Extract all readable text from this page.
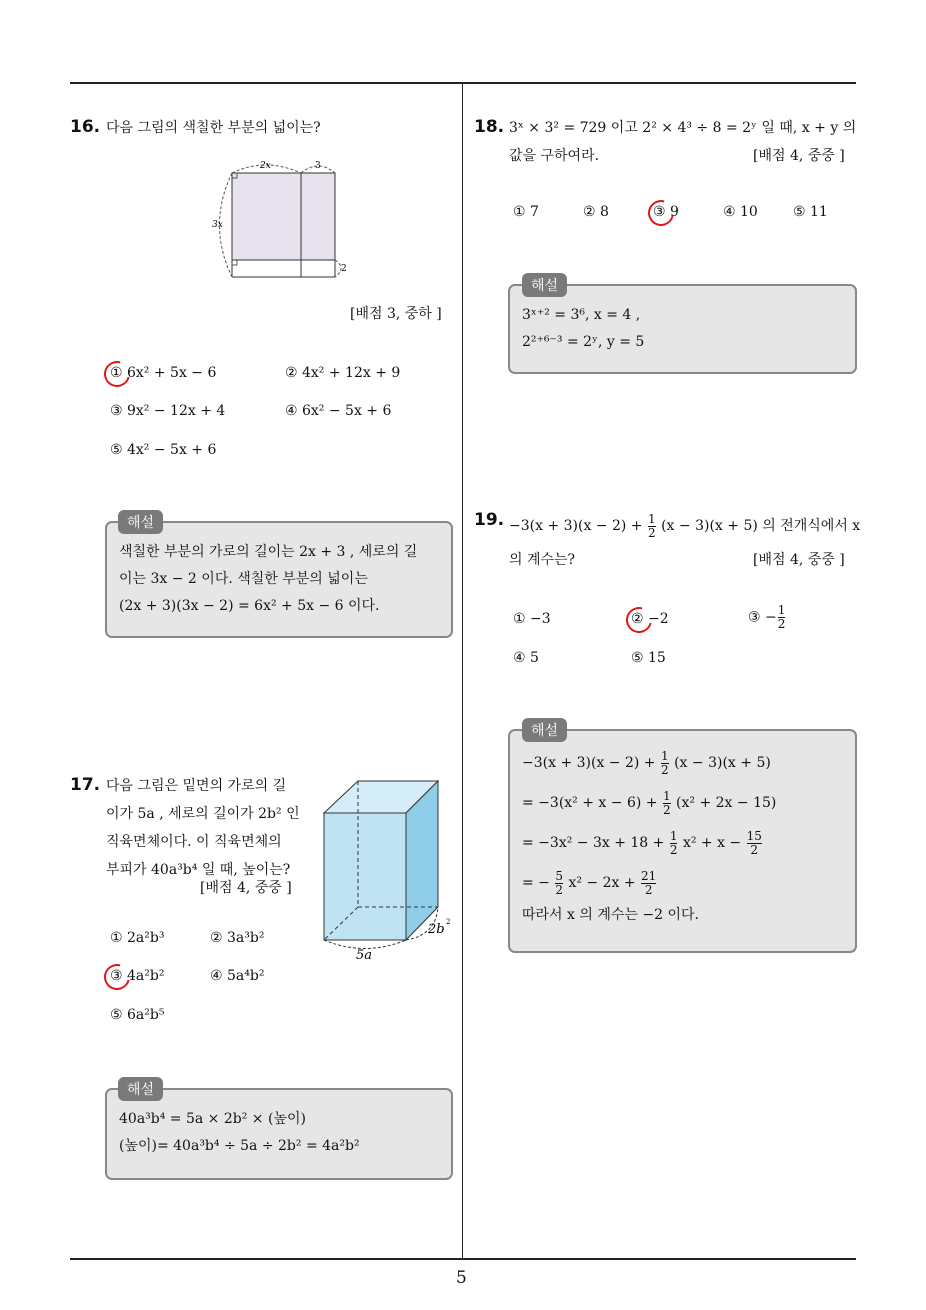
5
16. 다음 그림의 색칠한 부분의 넓이는?
2x	3
3x
2
[배점 3, 중하 ]
① 6x² + 5x − 6	② 4x² + 12x + 9
③ 9x² − 12x + 4	④ 6x² − 5x + 6
⑤ 4x² − 5x + 6
색칠한 부분의 가로의 길이는 2x + 3 , 세로의 길
이는 3x − 2 이다. 색칠한 부분의 넓이는
(2x + 3)(3x − 2) = 6x² + 5x − 6 이다.
해설
17. 다음 그림은 밑면의 가로의 길
이가 5a , 세로의 길이가 2b² 인
직육면체이다. 이 직육면체의
부피가 40a³b⁴ 일 때, 높이는?
[배점 4, 중중 ]
5a
2b 2
① 2a²b³	② 3a³b²
③ 4a²b²	④ 5a⁴b²
⑤ 6a²b⁵
40a³b⁴ = 5a × 2b² × (높이)
(높이)= 40a³b⁴ ÷ 5a ÷ 2b² = 4a²b²
해설
18. 3ˣ × 3² = 729 이고 2² × 4³ ÷ 8 = 2ʸ 일 때, x + y 의
값을 구하여라.	[배점 4, 중중 ]
① 7	② 8	③ 9	④ 10	⑤ 11
3ˣ⁺² = 3⁶, x = 4 ,
2²⁺⁶⁻³ = 2ʸ, y = 5
해설
19. $-3(x + 3)(x - 2) + \frac{1}{2} (x - 3)(x + 5)$ 의 전개식에서 x
의 계수는?	[배점 4, 중중 ]
① −3	② −2	③ − $\frac{1}{2}$
④ 5	⑤ 15
$-3(x + 3)(x - 2) + \frac{1}{2} (x - 3)(x + 5)$
= $-3(x^2 + x - 6) + \frac{1}{2} (x^2 + 2x - 15)$
= $-3x^2 - 3x + 18 + \frac{1}{2} x^2 + x - \frac{15}{2}$
= − $\frac{5}{2} x^2 - 2x + \frac{21}{2}$
따라서 x 의 계수는 −2 이다.
해설
